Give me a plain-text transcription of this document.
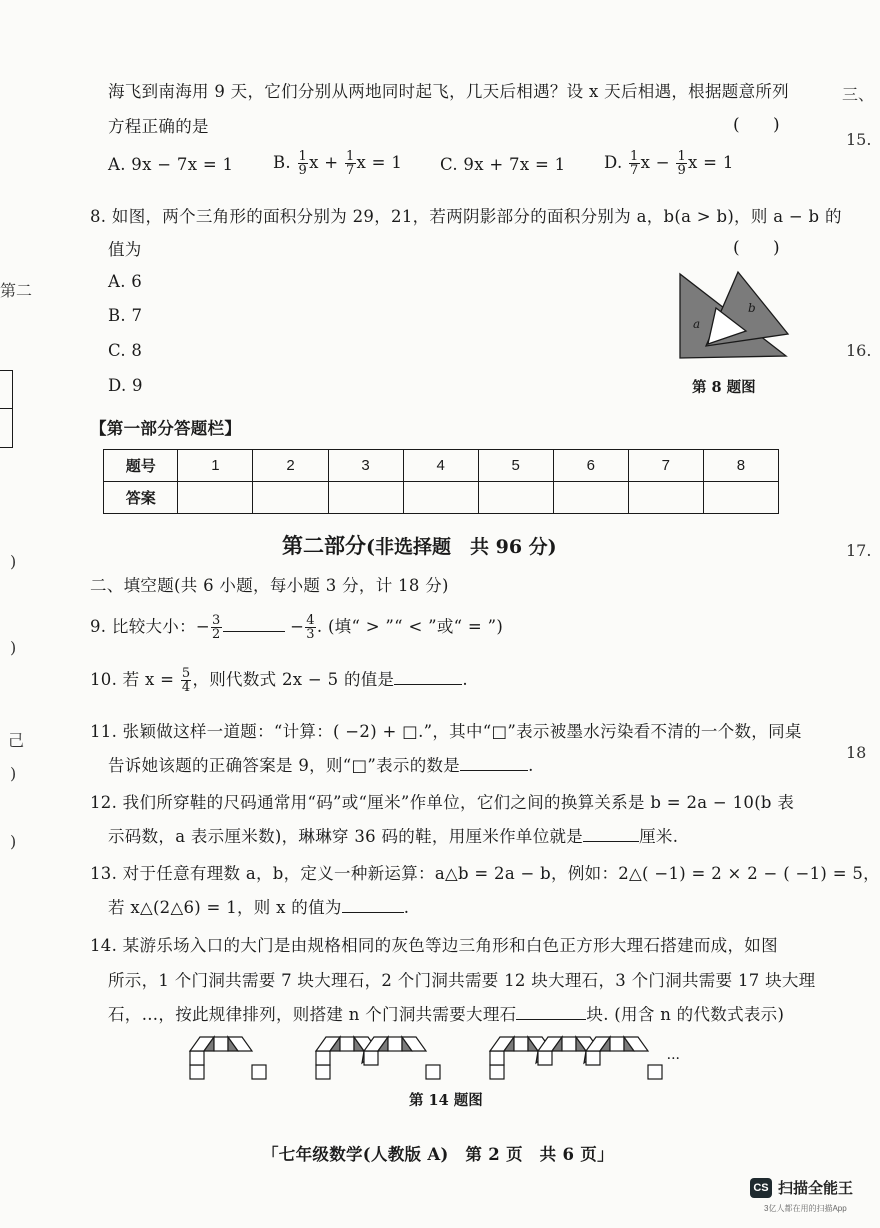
海飞到南海用 9 天，它们分别从两地同时起飞，几天后相遇？设 x 天后相遇，根据题意所列
方程正确的是	( )
A. 9x − 7x = 1 B. $\frac{1}{9}$ $x + \frac{1}{7}$ x = 1 C. 9x + 7x = 1 D. $\frac{1}{7}$ $x - \frac{1}{9}$ x = 1
8. 如图，两个三角形的面积分别为 29，21，若两阴影部分的面积分别为 a，b(a > b)，则 a − b 的
值为	( )
A. 6
B. 7
C. 8
D. 9
a
b
第 8 题图
【第一部分答题栏】
题号	1	2	3	4	5	6	7	8
答案								
第二部分(非选择题　共 96 分)
二、填空题(共 6 小题，每小题 3 分，计 18 分)
9. 比较大小：− $\frac{3}{2}$	− $\frac{4}{3}$ . (填“ > ”“ < ”或“ = ”)
10. 若 $x = \frac{5}{4}$ ，则代数式 2x − 5 的值是	.
11. 张颖做这样一道题：“计算：( −2) + □.”，其中“□”表示被墨水污染看不清的一个数，同桌
告诉她该题的正确答案是 9，则“□”表示的数是	.
12. 我们所穿鞋的尺码通常用“码”或“厘米”作单位，它们之间的换算关系是 b = 2a − 10(b 表
示码数，a 表示厘米数)，琳琳穿 36 码的鞋，用厘米作单位就是	厘米.
13. 对于任意有理数 a，b，定义一种新运算：a△b = 2a − b，例如：2△( −1) = 2 × 2 − ( −1) = 5，
若 x△(2△6) = 1，则 x 的值为	.
14. 某游乐场入口的大门是由规格相同的灰色等边三角形和白色正方形大理石搭建而成，如图
所示，1 个门洞共需要 7 块大理石，2 个门洞共需要 12 块大理石，3 个门洞共需要 17 块大理
石，…，按此规律排列，则搭建 n 个门洞共需要大理石	块. (用含 n 的代数式表示)
···
第 14 题图
「七年级数学(人教版 A)　第 2 页　共 6 页」
三、
15.
16.
17.
18
第二
)
)
己
)
)
CS 扫描全能王
3亿人都在用的扫描App
